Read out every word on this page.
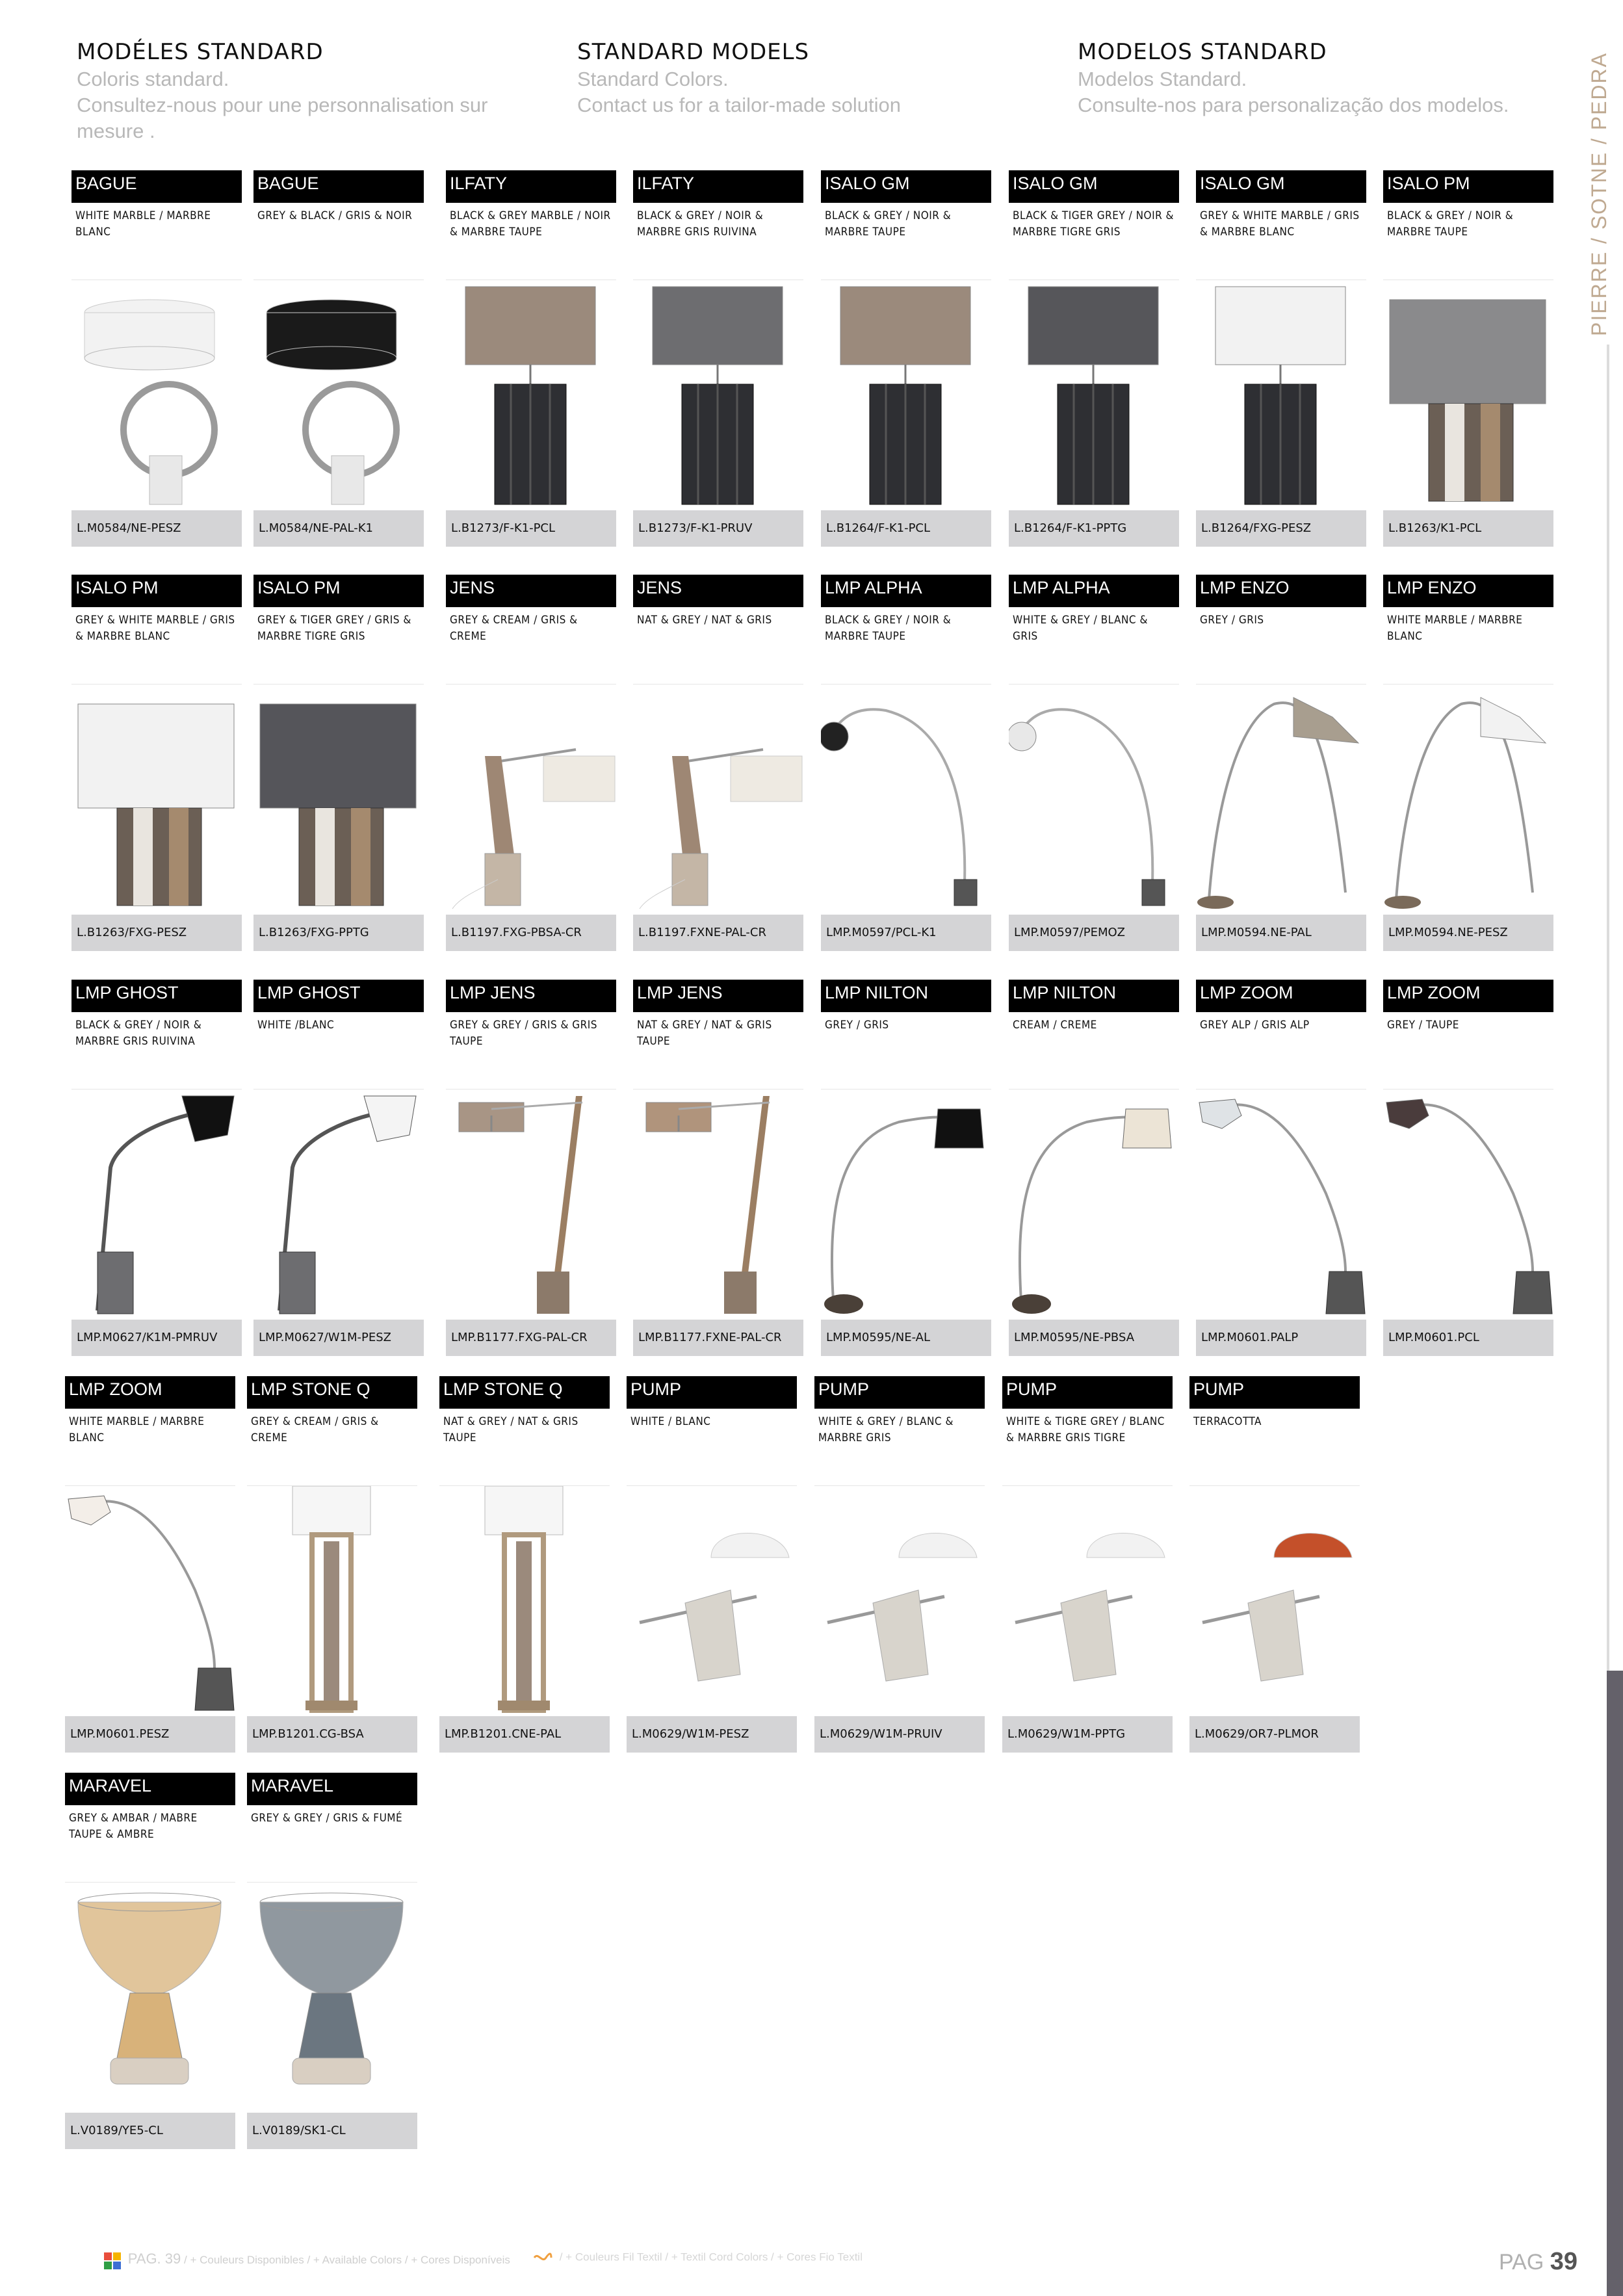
MODÉLES STANDARD
Coloris standard.
Consultez-nous pour une personnalisation sur
mesure .
STANDARD MODELS
Standard Colors.
Contact us for a tailor-made solution
MODELOS STANDARD
Modelos Standard.
Consulte-nos para personalização dos modelos.	PIERRE / SOTNE / PEDRA
BAGUE
WHITE MARBLE / MARBRE BLANC
L.M0584/NE-PESZ
BAGUE
GREY & BLACK / GRIS & NOIR
L.M0584/NE-PAL-K1
ILFATY
BLACK & GREY MARBLE / NOIR & MARBRE TAUPE
L.B1273/F-K1-PCL
ILFATY
BLACK & GREY / NOIR & MARBRE GRIS RUIVINA
L.B1273/F-K1-PRUV
ISALO GM
BLACK & GREY / NOIR & MARBRE TAUPE
L.B1264/F-K1-PCL
ISALO GM
BLACK & TIGER GREY / NOIR & MARBRE TIGRE GRIS
L.B1264/F-K1-PPTG
ISALO GM
GREY & WHITE MARBLE / GRIS & MARBRE BLANC
L.B1264/FXG-PESZ
ISALO PM
BLACK & GREY / NOIR & MARBRE TAUPE
L.B1263/K1-PCL
ISALO PM
GREY & WHITE MARBLE / GRIS & MARBRE BLANC
L.B1263/FXG-PESZ
ISALO PM
GREY & TIGER GREY / GRIS & MARBRE TIGRE GRIS
L.B1263/FXG-PPTG
JENS
GREY & CREAM / GRIS & CREME
L.B1197.FXG-PBSA-CR
JENS
NAT & GREY / NAT & GRIS
L.B1197.FXNE-PAL-CR
LMP ALPHA
BLACK & GREY / NOIR & MARBRE TAUPE
LMP.M0597/PCL-K1
LMP ALPHA
WHITE & GREY / BLANC & GRIS
LMP.M0597/PEMOZ
LMP ENZO
GREY / GRIS
LMP.M0594.NE-PAL
LMP ENZO
WHITE MARBLE / MARBRE BLANC
LMP.M0594.NE-PESZ
LMP GHOST
BLACK & GREY / NOIR & MARBRE GRIS RUIVINA
LMP.M0627/K1M-PMRUV
LMP GHOST
WHITE /BLANC
LMP.M0627/W1M-PESZ
LMP JENS
GREY & GREY / GRIS & GRIS TAUPE
LMP.B1177.FXG-PAL-CR
LMP JENS
NAT & GREY / NAT & GRIS TAUPE
LMP.B1177.FXNE-PAL-CR
LMP NILTON
GREY / GRIS
LMP.M0595/NE-AL
LMP NILTON
CREAM / CREME
LMP.M0595/NE-PBSA
LMP ZOOM
GREY ALP / GRIS ALP
LMP.M0601.PALP
LMP ZOOM
GREY / TAUPE
LMP.M0601.PCL
LMP ZOOM
WHITE MARBLE / MARBRE BLANC
LMP.M0601.PESZ
LMP STONE Q
GREY & CREAM / GRIS & CREME
LMP.B1201.CG-BSA
LMP STONE Q
NAT & GREY / NAT & GRIS TAUPE
LMP.B1201.CNE-PAL
PUMP
WHITE / BLANC
L.M0629/W1M-PESZ
PUMP
WHITE & GREY / BLANC & MARBRE GRIS
L.M0629/W1M-PRUIV
PUMP
WHITE & TIGRE GREY / BLANC & MARBRE GRIS TIGRE
L.M0629/W1M-PPTG
PUMP
TERRACOTTA
L.M0629/OR7-PLMOR
MARAVEL
GREY & AMBAR / MABRE TAUPE & AMBRE
L.V0189/YE5-CL
MARAVEL
GREY & GREY / GRIS & FUMÉ
L.V0189/SK1-CL
PAG. 39 / + Couleurs Disponibles / + Available Colors / + Cores Disponíveis	/ + Couleurs Fil Textil / + Textil Cord Colors / + Cores Fio Textil	PAG 39
